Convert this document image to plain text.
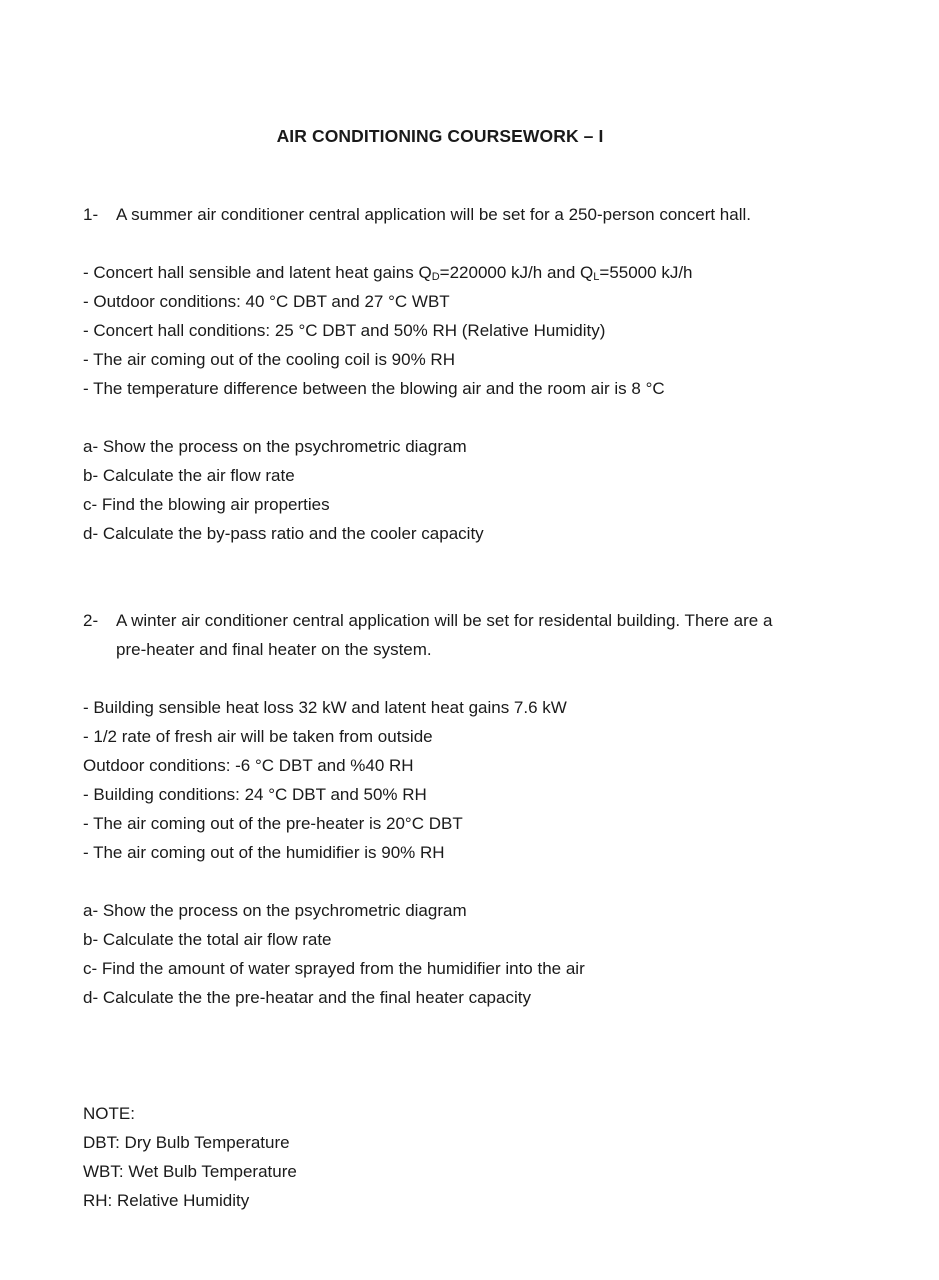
AIR CONDITIONING COURSEWORK – I
1- A summer air conditioner central application will be set for a 250-person concert hall.
- Concert hall sensible and latent heat gains QD=220000 kJ/h and QL=55000 kJ/h
- Outdoor conditions: 40 °C DBT and 27 °C WBT
- Concert hall conditions: 25 °C DBT and 50% RH (Relative Humidity)
- The air coming out of the cooling coil is 90% RH
- The temperature difference between the blowing air and the room air is 8 °C
a- Show the process on the psychrometric diagram
b- Calculate the air flow rate
c- Find the blowing air properties
d- Calculate the by-pass ratio and the cooler capacity
2- A winter air conditioner central application will be set for residental building. There are a
pre-heater and final heater on the system.
- Building sensible heat loss 32 kW and latent heat gains 7.6 kW
- 1/2 rate of fresh air will be taken from outside
Outdoor conditions: -6 °C DBT and %40 RH
- Building conditions: 24 °C DBT and 50% RH
- The air coming out of the pre-heater is 20°C DBT
- The air coming out of the humidifier is 90% RH
a- Show the process on the psychrometric diagram
b- Calculate the total air flow rate
c- Find the amount of water sprayed from the humidifier into the air
d- Calculate the the pre-heatar and the final heater capacity
NOTE:
DBT: Dry Bulb Temperature
WBT: Wet Bulb Temperature
RH: Relative Humidity
